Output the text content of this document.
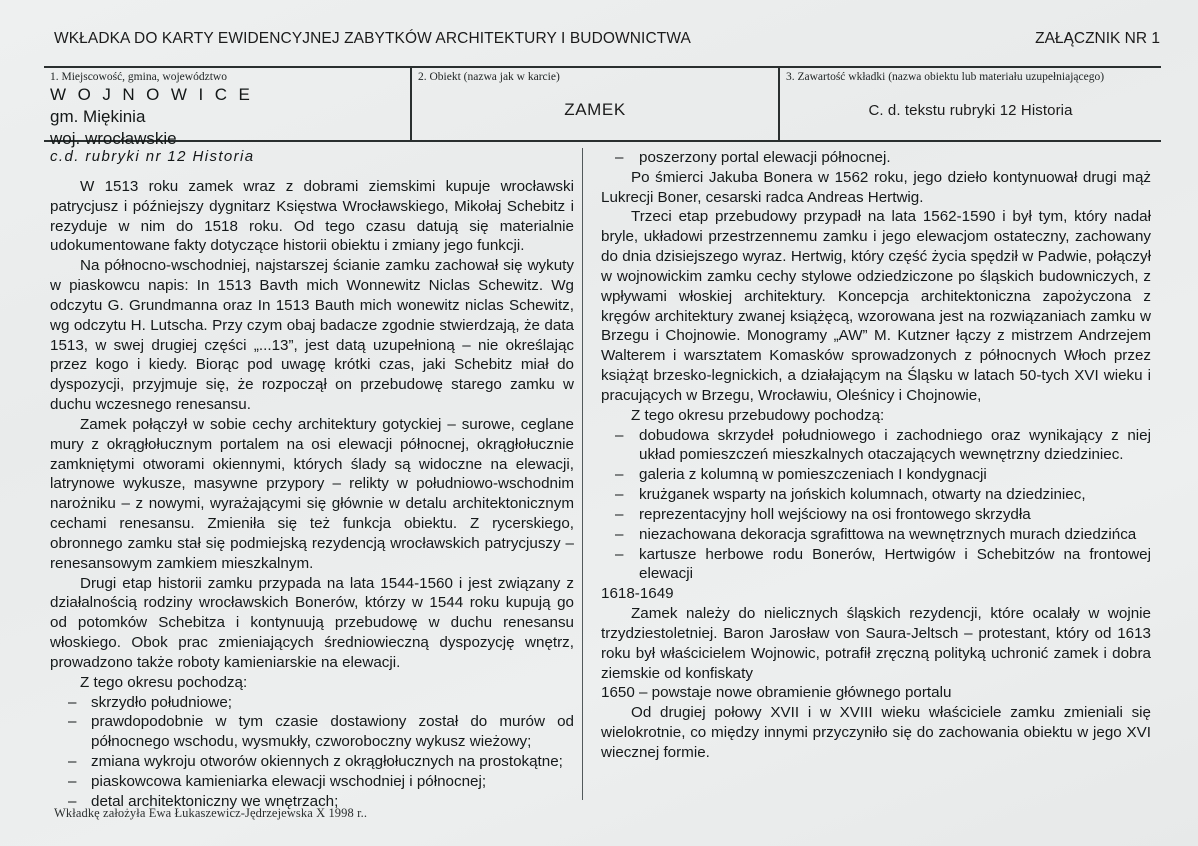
WKŁADKA DO KARTY EWIDENCYJNEJ ZABYTKÓW ARCHITEKTURY I BUDOWNICTWA	ZAŁĄCZNIK NR 1
1. Miejscowość, gmina, województwo
W O J N O W I C E
gm. Miękinia
woj. wrocławskie
2. Obiekt (nazwa jak w karcie)
ZAMEK
3. Zawartość wkładki (nazwa obiektu lub materiału uzupełniającego)
C. d. tekstu rubryki 12 Historia
c.d. rubryki nr 12 Historia

W 1513 roku zamek wraz z dobrami ziemskimi kupuje wrocławski patrycjusz i późniejszy dygnitarz Księstwa Wrocławskiego, Mikołaj Schebitz i rezyduje w nim do 1518 roku. Od tego czasu datują się materialnie udokumentowane fakty dotyczące historii obiektu i zmiany jego funkcji.

Na północno-wschodniej, najstarszej ścianie zamku zachował się wykuty w piaskowcu napis: In 1513 Bavth mich Wonnewitz Niclas Schewitz. Wg odczytu G. Grundmanna oraz In 1513 Bauth mich wonewitz niclas Schewitz, wg odczytu H. Lutscha. Przy czym obaj badacze zgodnie stwierdzają, że data 1513, w swej drugiej części „...13”, jest datą uzupełnioną – nie określając przez kogo i kiedy. Biorąc pod uwagę krótki czas, jaki Schebitz miał do dyspozycji, przyjmuje się, że rozpoczął on przebudowę starego zamku w duchu wczesnego renesansu.

Zamek połączył w sobie cechy architektury gotyckiej – surowe, ceglane mury z okrągłołucznym portalem na osi elewacji północnej, okrągłołucznie zamkniętymi otworami okiennymi, których ślady są widoczne na elewacji, latrynowe wykusze, masywne przypory – relikty w południowo-wschodnim narożniku – z nowymi, wyrażającymi się głównie w detalu architektonicznym cechami renesansu. Zmieniła się też funkcja obiektu. Z rycerskiego, obronnego zamku stał się podmiejską rezydencją wrocławskich patrycjuszy – renesansowym zamkiem mieszkalnym.

Drugi etap historii zamku przypada na lata 1544-1560 i jest związany z działalnością rodziny wrocławskich Bonerów, którzy w 1544 roku kupują go od potomków Schebitza i kontynuują przebudowę w duchu renesansu włoskiego. Obok prac zmieniających średniowieczną dyspozycję wnętrz, prowadzono także roboty kamieniarskie na elewacji.

Z tego okresu pochodzą:

– skrzydło południowe;
– prawdopodobnie w tym czasie dostawiony został do murów od północnego wschodu, wysmukły, czworoboczny wykusz wieżowy;
– zmiana wykroju otworów okiennych z okrągłołucznych na prostokątne;
– piaskowcowa kamieniarka elewacji wschodniej i północnej;
– detal architektoniczny we wnętrzach;
– poszerzony portal elewacji północnej.

Po śmierci Jakuba Bonera w 1562 roku, jego dzieło kontynuował drugi mąż Lukrecji Boner, cesarski radca Andreas Hertwig.

Trzeci etap przebudowy przypadł na lata 1562-1590 i był tym, który nadał bryle, układowi przestrzennemu zamku i jego elewacjom ostateczny, zachowany do dnia dzisiejszego wyraz. Hertwig, który część życia spędził w Padwie, połączył w wojnowickim zamku cechy stylowe odziedziczone po śląskich budowniczych, z wpływami włoskiej architektury. Koncepcja architektoniczna zapożyczona z kręgów architektury zwanej książęcą, wzorowana jest na rozwiązaniach zamku w Brzegu i Chojnowie. Monogramy „AW” M. Kutzner łączy z mistrzem Andrzejem Walterem i warsztatem Komasków sprowadzonych z północnych Włoch przez książąt brzesko-legnickich, a działającym na Śląsku w latach 50-tych XVI wieku i pracujących w Brzegu, Wrocławiu, Oleśnicy i Chojnowie,

Z tego okresu przebudowy pochodzą:

– dobudowa skrzydeł południowego i zachodniego oraz wynikający z niej układ pomieszczeń mieszkalnych otaczających wewnętrzny dziedziniec.
– galeria z kolumną w pomieszczeniach I kondygnacji
– krużganek wsparty na jońskich kolumnach, otwarty na dziedziniec,
– reprezentacyjny holl wejściowy na osi frontowego skrzydła
– niezachowana dekoracja sgrafittowa na wewnętrznych murach dziedzińca
– kartusze herbowe rodu Bonerów, Hertwigów i Schebitzów na frontowej elewacji

1618-1649

Zamek należy do nielicznych śląskich rezydencji, które ocalały w wojnie trzydziestoletniej. Baron Jarosław von Saura-Jeltsch – protestant, który od 1613 roku był właścicielem Wojnowic, potrafił zręczną polityką uchronić zamek i dobra ziemskie od konfiskaty

1650 – powstaje nowe obramienie głównego portalu

Od drugiej połowy XVII i w XVIII wieku właściciele zamku zmieniali się wielokrotnie, co między innymi przyczyniło się do zachowania obiektu w jego XVI wiecznej formie.

Wkładkę założyła Ewa Łukaszewicz-Jędrzejewska X 1998 r..
